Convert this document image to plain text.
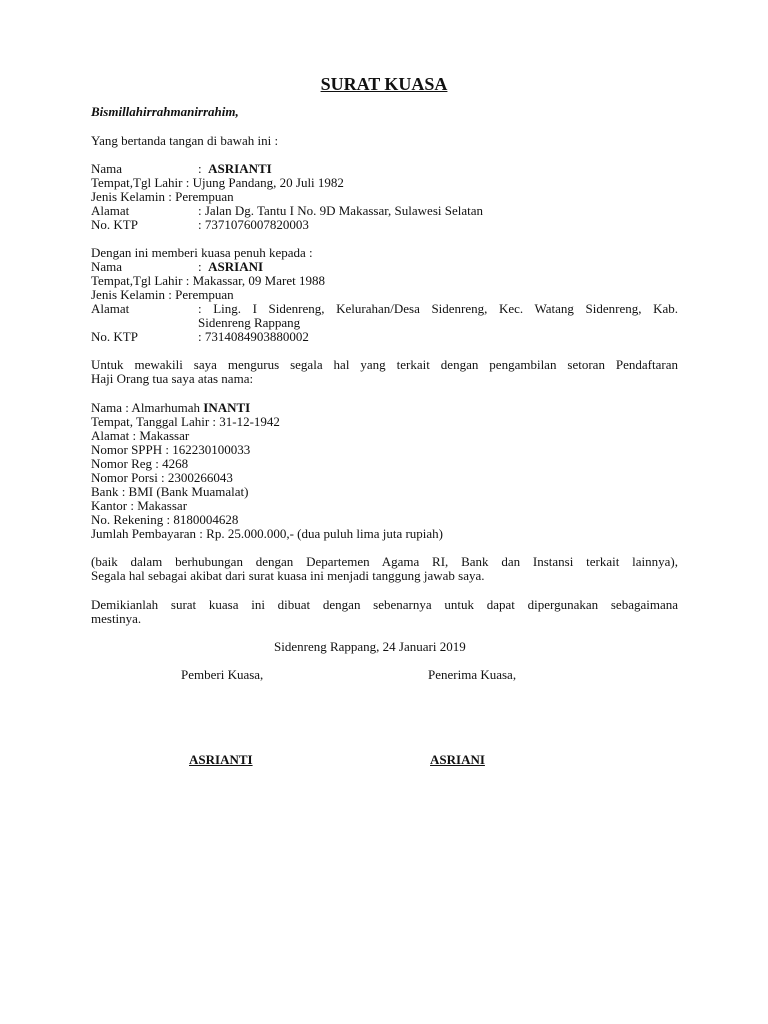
SURAT KUASA
Bismillahirrahmanirrahim,
Yang bertanda tangan di bawah ini :
Nama	: ASRIANTI
Tempat,Tgl Lahir : Ujung Pandang, 20 Juli 1982
Jenis Kelamin : Perempuan
Alamat	: Jalan Dg. Tantu I No. 9D Makassar, Sulawesi Selatan
No. KTP	: 7371076007820003
Dengan ini memberi kuasa penuh kepada :
Nama	: ASRIANI
Tempat,Tgl Lahir : Makassar, 09 Maret 1988
Jenis Kelamin : Perempuan
Alamat	: Ling. I Sidenreng, Kelurahan/Desa Sidenreng, Kec. Watang Sidenreng, Kab.
Sidenreng Rappang
No. KTP	: 7314084903880002
Untuk mewakili saya mengurus segala hal yang terkait dengan pengambilan setoran Pendaftaran
Haji Orang tua saya atas nama:
Nama : Almarhumah INANTI
Tempat, Tanggal Lahir : 31-12-1942
Alamat : Makassar
Nomor SPPH : 162230100033
Nomor Reg : 4268
Nomor Porsi : 2300266043
Bank : BMI (Bank Muamalat)
Kantor : Makassar
No. Rekening : 8180004628
Jumlah Pembayaran : Rp. 25.000.000,- (dua puluh lima juta rupiah)
(baik dalam berhubungan dengan Departemen Agama RI, Bank dan Instansi terkait lainnya),
Segala hal sebagai akibat dari surat kuasa ini menjadi tanggung jawab saya.
Demikianlah surat kuasa ini dibuat dengan sebenarnya untuk dapat dipergunakan sebagaimana
mestinya.
Sidenreng Rappang, 24 Januari 2019
Pemberi Kuasa,	Penerima Kuasa,
ASRIANTI	ASRIANI
